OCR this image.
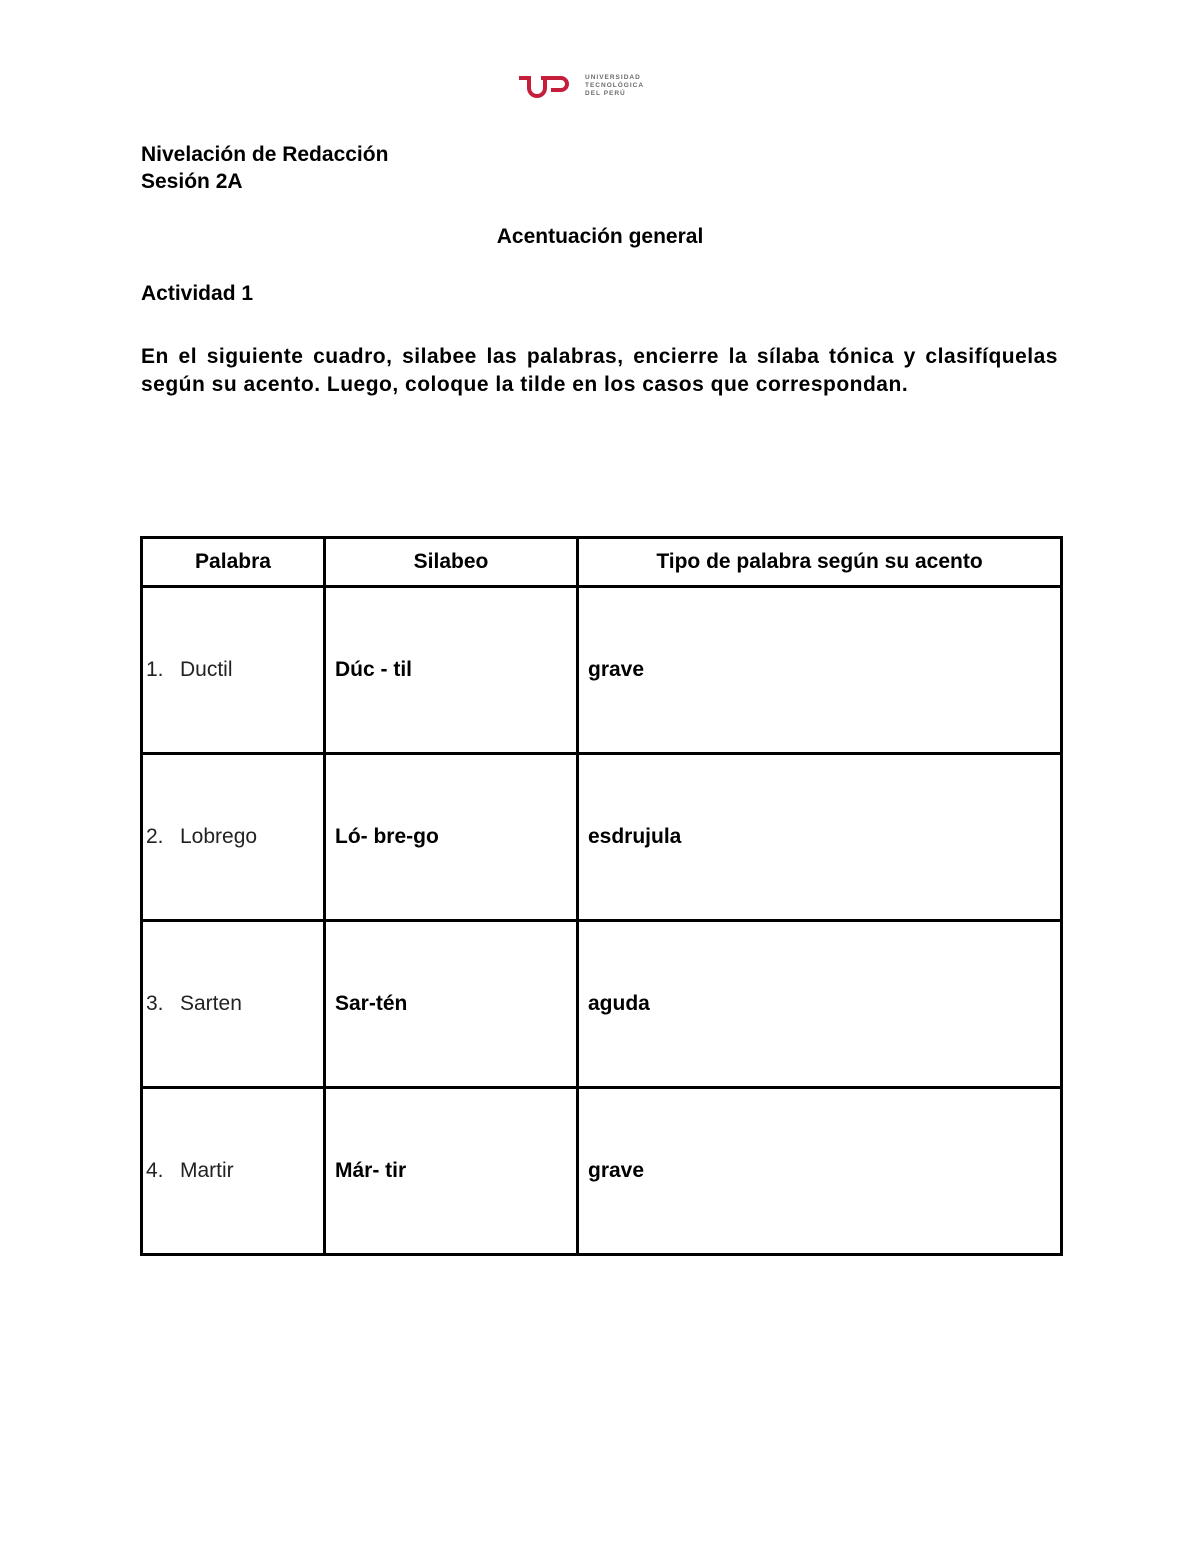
UNIVERSIDAD
TECNOLÓGICA
DEL PERÚ
Nivelación de Redacción
Sesión 2A
Acentuación general
Actividad 1
En el siguiente cuadro, silabee las palabras, encierre la sílaba tónica y clasifíquelas según su acento. Luego, coloque la tilde en los casos que correspondan.
Palabra	Silabeo	Tipo de palabra según su acento
1. Ductil	Dúc - til	grave
2. Lobrego	Ló- bre-go	esdrujula
3. Sarten	Sar-tén	aguda
4. Martir	Már- tir	grave
